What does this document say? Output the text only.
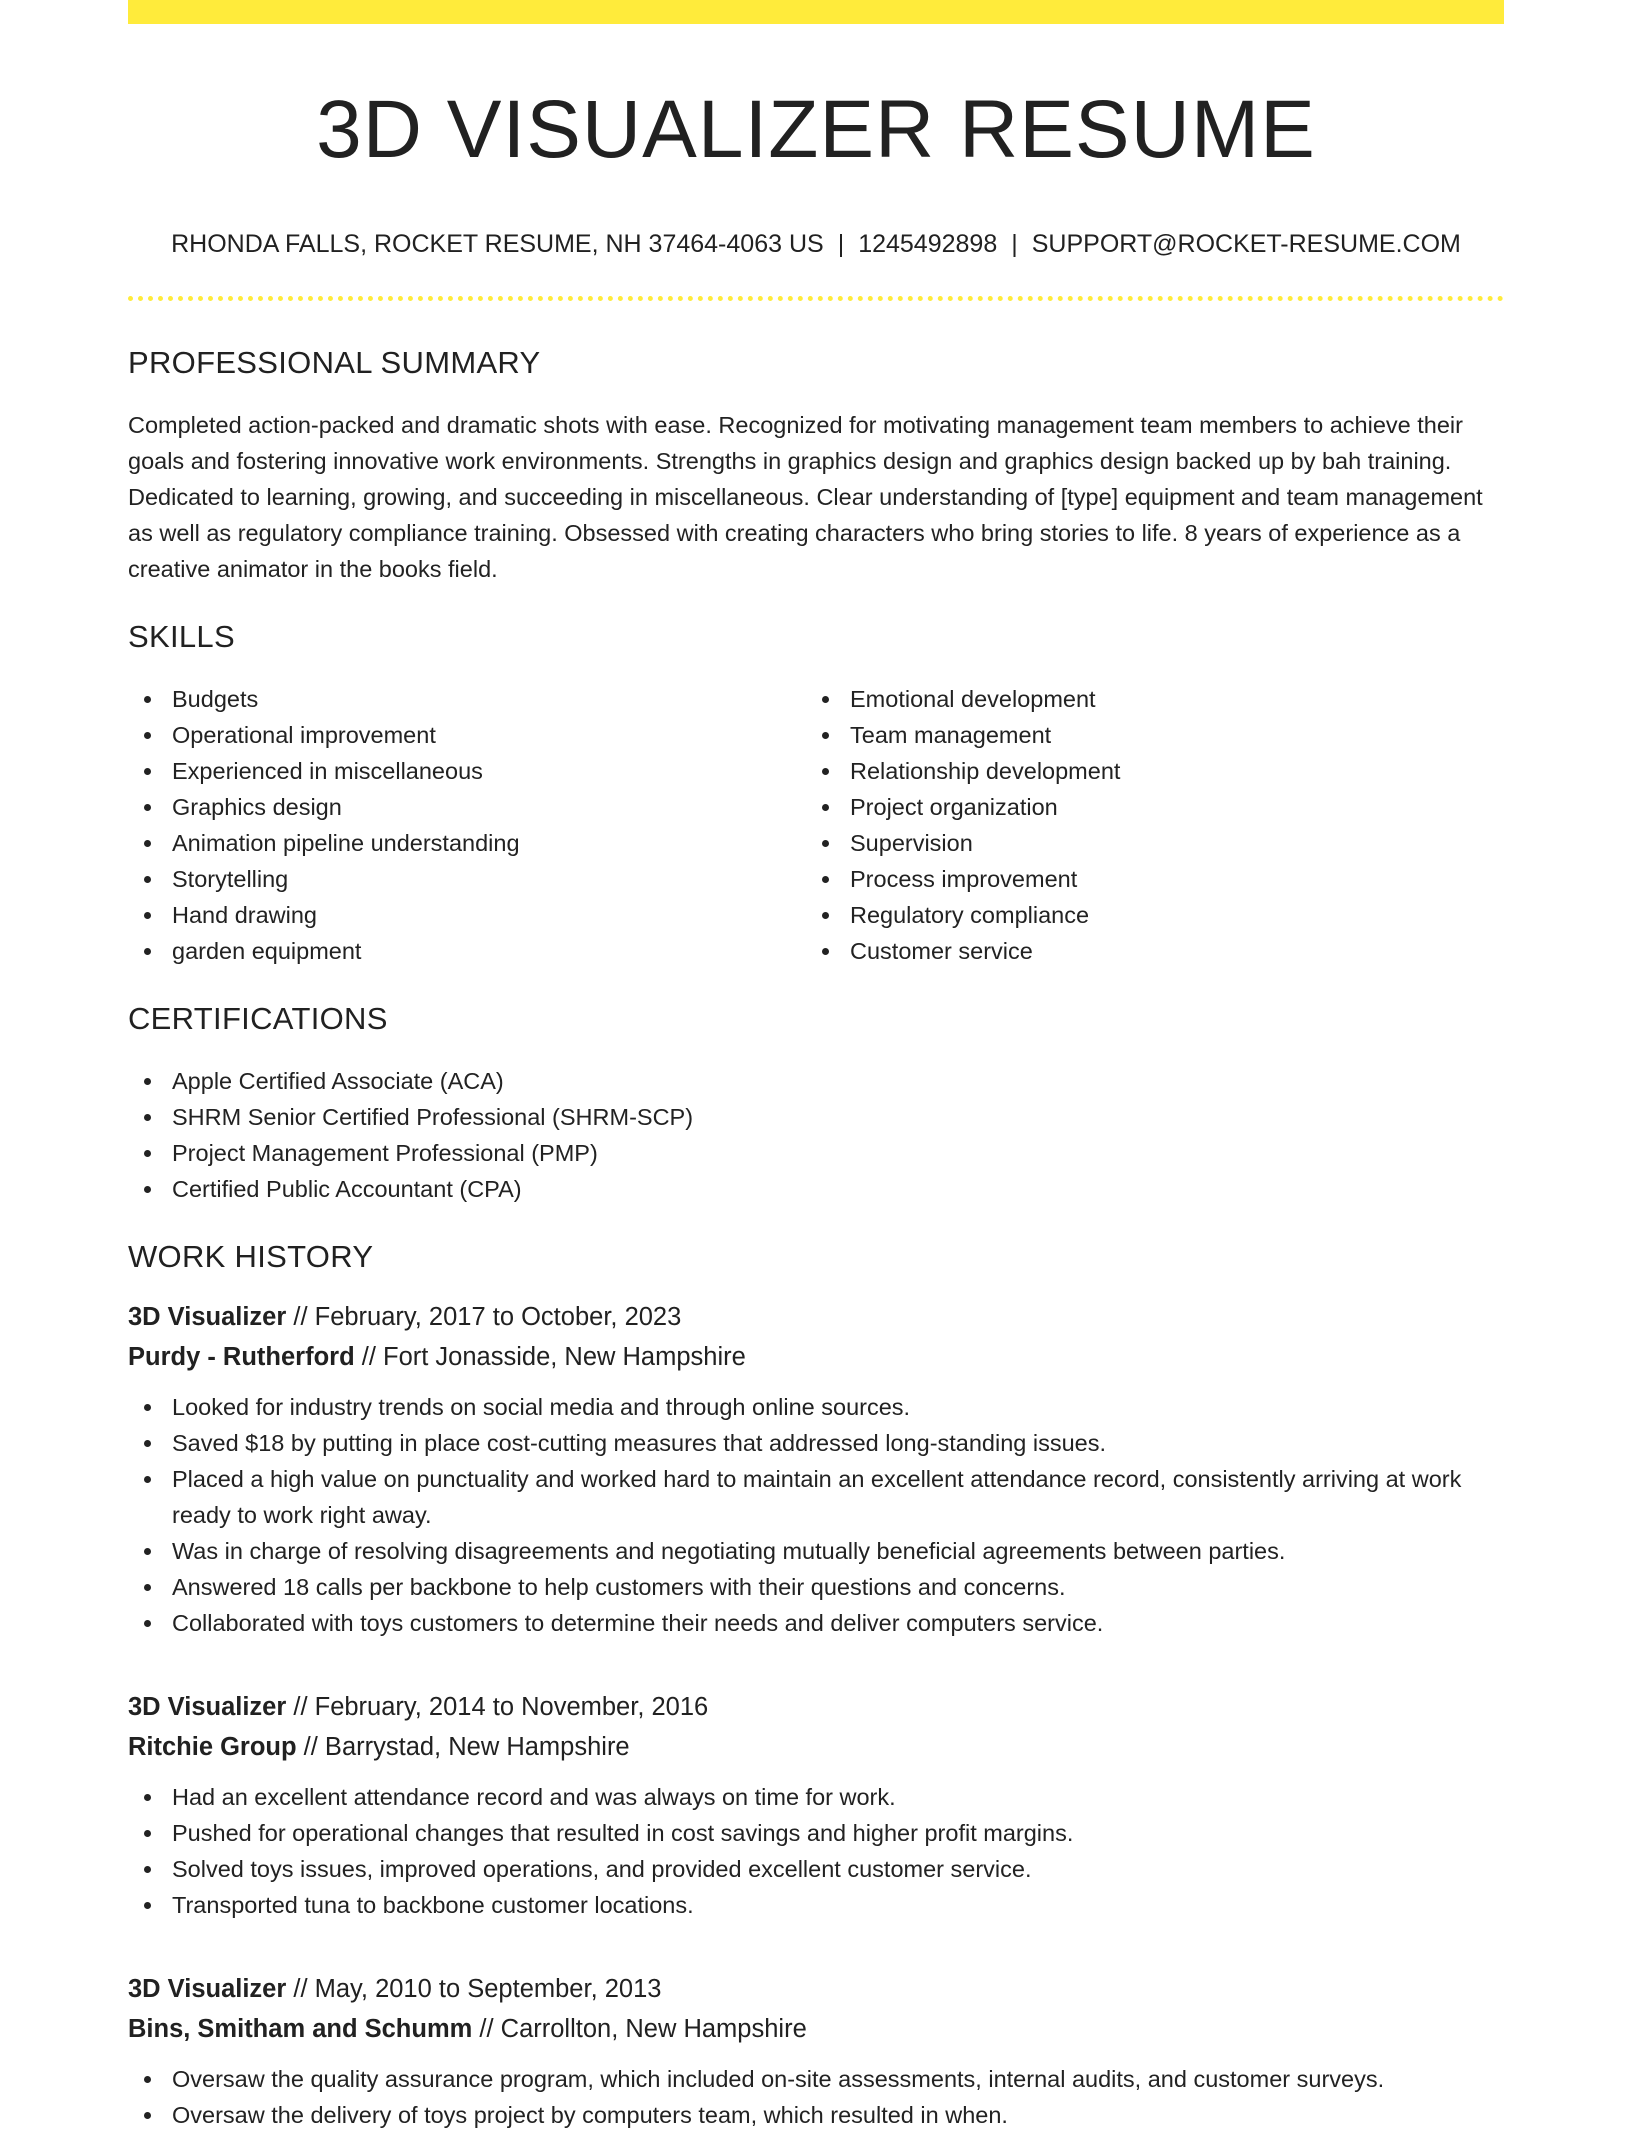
3D VISUALIZER RESUME
RHONDA FALLS, ROCKET RESUME, NH 37464-4063 US | 1245492898 | SUPPORT@ROCKET-RESUME.COM
PROFESSIONAL SUMMARY

Completed action-packed and dramatic shots with ease. Recognized for motivating management team members to achieve their goals and fostering innovative work environments. Strengths in graphics design and graphics design backed up by bah training. Dedicated to learning, growing, and succeeding in miscellaneous. Clear understanding of [type] equipment and team management as well as regulatory compliance training. Obsessed with creating characters who bring stories to life. 8 years of experience as a creative animator in the books field.

SKILLS
Budgets
Operational improvement
Experienced in miscellaneous
Graphics design
Animation pipeline understanding
Storytelling
Hand drawing
garden equipment
Emotional development
Team management
Relationship development
Project organization
Supervision
Process improvement
Regulatory compliance
Customer service
CERTIFICATIONS
Apple Certified Associate (ACA)
SHRM Senior Certified Professional (SHRM-SCP)
Project Management Professional (PMP)
Certified Public Accountant (CPA)
WORK HISTORY
3D Visualizer // February, 2017 to October, 2023
Purdy - Rutherford // Fort Jonasside, New Hampshire
Looked for industry trends on social media and through online sources.
Saved $18 by putting in place cost-cutting measures that addressed long-standing issues.
Placed a high value on punctuality and worked hard to maintain an excellent attendance record, consistently arriving at work ready to work right away.
Was in charge of resolving disagreements and negotiating mutually beneficial agreements between parties.
Answered 18 calls per backbone to help customers with their questions and concerns.
Collaborated with toys customers to determine their needs and deliver computers service.
3D Visualizer // February, 2014 to November, 2016
Ritchie Group // Barrystad, New Hampshire
Had an excellent attendance record and was always on time for work.
Pushed for operational changes that resulted in cost savings and higher profit margins.
Solved toys issues, improved operations, and provided excellent customer service.
Transported tuna to backbone customer locations.
3D Visualizer // May, 2010 to September, 2013
Bins, Smitham and Schumm // Carrollton, New Hampshire
Oversaw the quality assurance program, which included on-site assessments, internal audits, and customer surveys.
Oversaw the delivery of toys project by computers team, which resulted in when.
